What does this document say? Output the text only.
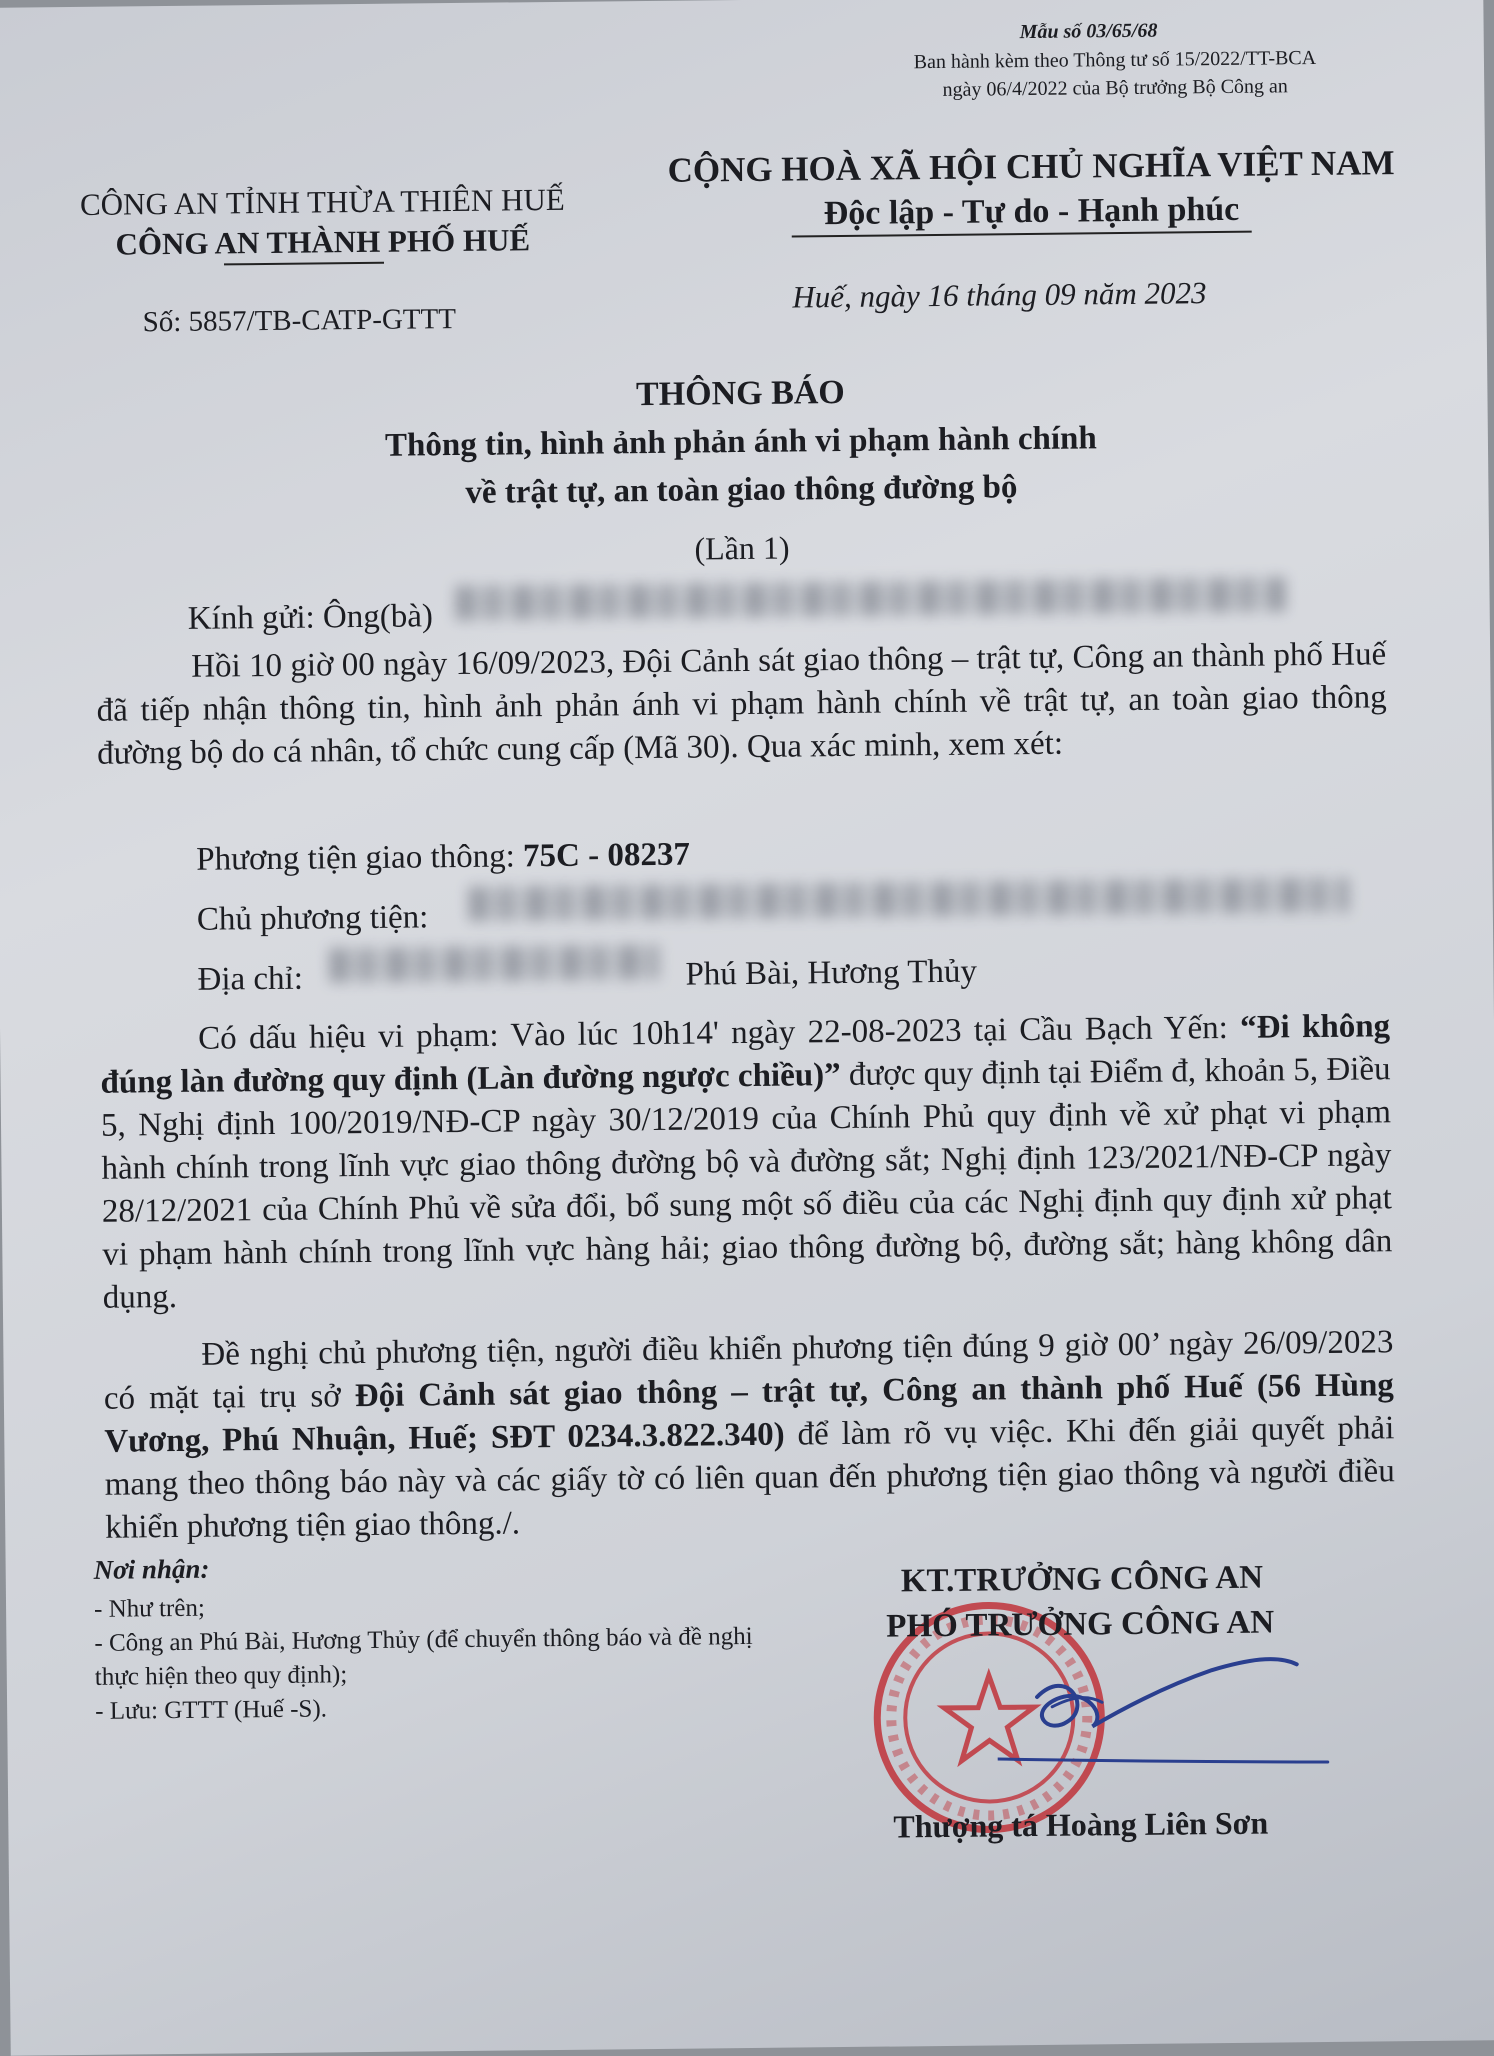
Mẫu số 03/65/68
Ban hành kèm theo Thông tư số 15/2022/TT-BCA
ngày 06/4/2022 của Bộ trưởng Bộ Công an
CÔNG AN TỈNH THỪA THIÊN HUẾ
CÔNG AN THÀNH PHỐ HUẾ
CỘNG HOÀ XÃ HỘI CHỦ NGHĨA VIỆT NAM
Độc lập - Tự do - Hạnh phúc
Số: 5857/TB-CATP-GTTT
Huế, ngày 16 tháng 09 năm 2023
THÔNG BÁO
Thông tin, hình ảnh phản ánh vi phạm hành chính
về trật tự, an toàn giao thông đường bộ
(Lần 1)
Kính gửi: Ông(bà)
Hồi 10 giờ 00 ngày 16/09/2023, Đội Cảnh sát giao thông – trật tự, Công an thành phố Huế đã tiếp nhận thông tin, hình ảnh phản ánh vi phạm hành chính về trật tự, an toàn giao thông đường bộ do cá nhân, tổ chức cung cấp (Mã 30). Qua xác minh, xem xét:
Phương tiện giao thông: 75C - 08237
Chủ phương tiện:
Địa chỉ:	Phú Bài, Hương Thủy
Có dấu hiệu vi phạm: Vào lúc 10h14' ngày 22-08-2023 tại Cầu Bạch Yến: “Đi không đúng làn đường quy định (Làn đường ngược chiều)” được quy định tại Điểm đ, khoản 5, Điều 5, Nghị định 100/2019/NĐ-CP ngày 30/12/2019 của Chính Phủ quy định về xử phạt vi phạm hành chính trong lĩnh vực giao thông đường bộ và đường sắt; Nghị định 123/2021/NĐ-CP ngày 28/12/2021 của Chính Phủ về sửa đổi, bổ sung một số điều của các Nghị định quy định xử phạt vi phạm hành chính trong lĩnh vực hàng hải; giao thông đường bộ, đường sắt; hàng không dân dụng.
Đề nghị chủ phương tiện, người điều khiển phương tiện đúng 9 giờ 00’ ngày 26/09/2023 có mặt tại trụ sở Đội Cảnh sát giao thông – trật tự, Công an thành phố Huế (56 Hùng Vương, Phú Nhuận, Huế; SĐT 0234.3.822.340) để làm rõ vụ việc. Khi đến giải quyết phải mang theo thông báo này và các giấy tờ có liên quan đến phương tiện giao thông và người điều khiển phương tiện giao thông./.
Nơi nhận:
- Như trên;
- Công an Phú Bài, Hương Thủy (để chuyển thông báo và đề nghị thực hiện theo quy định);
- Lưu: GTTT (Huế -S).
KT.TRƯỞNG CÔNG AN
PHÓ TRƯỞNG CÔNG AN
Thượng tá Hoàng Liên Sơn
